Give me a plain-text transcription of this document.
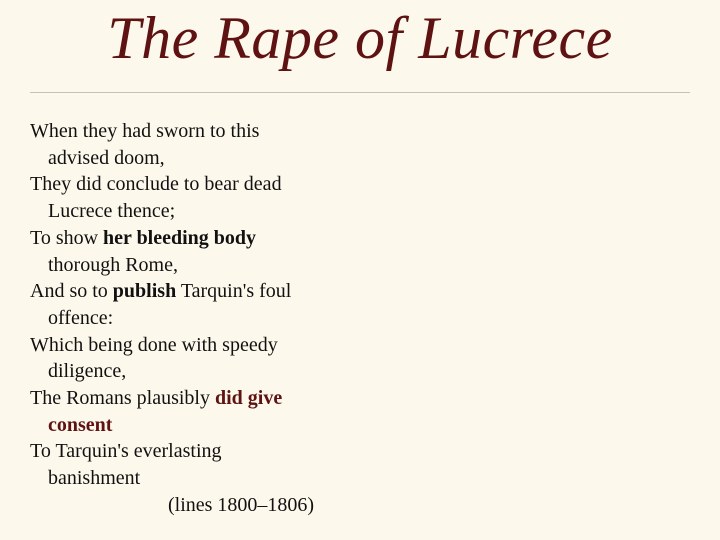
The Rape of Lucrece
When they had sworn to this
advised doom,
They did conclude to bear dead
Lucrece thence;
To show her bleeding body
thorough Rome,
And so to publish Tarquin's foul
offence:
Which being done with speedy
diligence,
The Romans plausibly did give
consent
To Tarquin's everlasting
banishment
(lines 1800–1806)
